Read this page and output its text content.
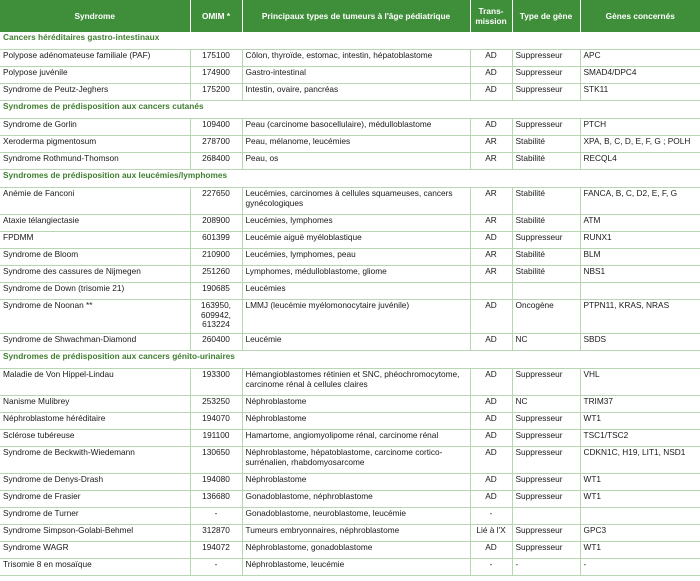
Syndrome	OMIM *	Principaux types de tumeurs à l'âge pédiatrique	Trans-mission	Type de gène	Gènes concernés
Cancers héréditaires gastro-intestinaux					
Polypose adénomateuse familiale (PAF)	175100	Côlon, thyroïde, estomac, intestin, hépatoblastome	AD	Suppresseur	APC
Polypose juvénile	174900	Gastro-intestinal	AD	Suppresseur	SMAD4/DPC4
Syndrome de Peutz-Jeghers	175200	Intestin, ovaire, pancréas	AD	Suppresseur	STK11
Syndromes de prédisposition aux cancers cutanés					
Syndrome de Gorlin	109400	Peau (carcinome basocellulaire), médulloblastome	AD	Suppresseur	PTCH
Xeroderma pigmentosum	278700	Peau, mélanome, leucémies	AR	Stabilité	XPA, B, C, D, E, F, G ; POLH
Syndrome Rothmund-Thomson	268400	Peau, os	AR	Stabilité	RECQL4
Syndromes de prédisposition aux leucémies/lymphomes					
Anémie de Fanconi	227650	Leucémies, carcinomes à cellules squameuses, cancers gynécologiques	AR	Stabilité	FANCA, B, C, D2, E, F, G
Ataxie télangiectasie	208900	Leucémies, lymphomes	AR	Stabilité	ATM
FPDMM	601399	Leucémie aiguë myéloblastique	AD	Suppresseur	RUNX1
Syndrome de Bloom	210900	Leucémies, lymphomes, peau	AR	Stabilité	BLM
Syndrome des cassures de Nijmegen	251260	Lymphomes, médulloblastome, gliome	AR	Stabilité	NBS1
Syndrome de Down (trisomie 21)	190685	Leucémies			
Syndrome de Noonan **	163950, 609942, 613224	LMMJ (leucémie myélomonocytaire juvénile)	AD	Oncogène	PTPN11, KRAS, NRAS
Syndrome de Shwachman-Diamond	260400	Leucémie	AD	NC	SBDS
Syndromes de prédisposition aux cancers génito-urinaires					
Maladie de Von Hippel-Lindau	193300	Hémangioblastomes rétinien et SNC, phéochromocytome, carcinome rénal à cellules claires	AD	Suppresseur	VHL
Nanisme Mulibrey	253250	Néphroblastome	AD	NC	TRIM37
Néphroblastome héréditaire	194070	Néphroblastome	AD	Suppresseur	WT1
Sclérose tubéreuse	191100	Hamartome, angiomyolipome rénal, carcinome rénal	AD	Suppresseur	TSC1/TSC2
Syndrome de Beckwith-Wiedemann	130650	Néphroblastome, hépatoblastome, carcinome cortico-surrénalien, rhabdomyosarcome	AD	Suppresseur	CDKN1C, H19, LIT1, NSD1
Syndrome de Denys-Drash	194080	Néphroblastome	AD	Suppresseur	WT1
Syndrome de Frasier	136680	Gonadoblastome, néphroblastome	AD	Suppresseur	WT1
Syndrome de Turner	-	Gonadoblastome, neuroblastome, leucémie	-		
Syndrome Simpson-Golabi-Behmel	312870	Tumeurs embryonnaires, néphroblastome	Lié à l'X	Suppresseur	GPC3
Syndrome WAGR	194072	Néphroblastome, gonadoblastome	AD	Suppresseur	WT1
Trisomie 8 en mosaïque	-	Néphroblastome, leucémie	-	-	-
